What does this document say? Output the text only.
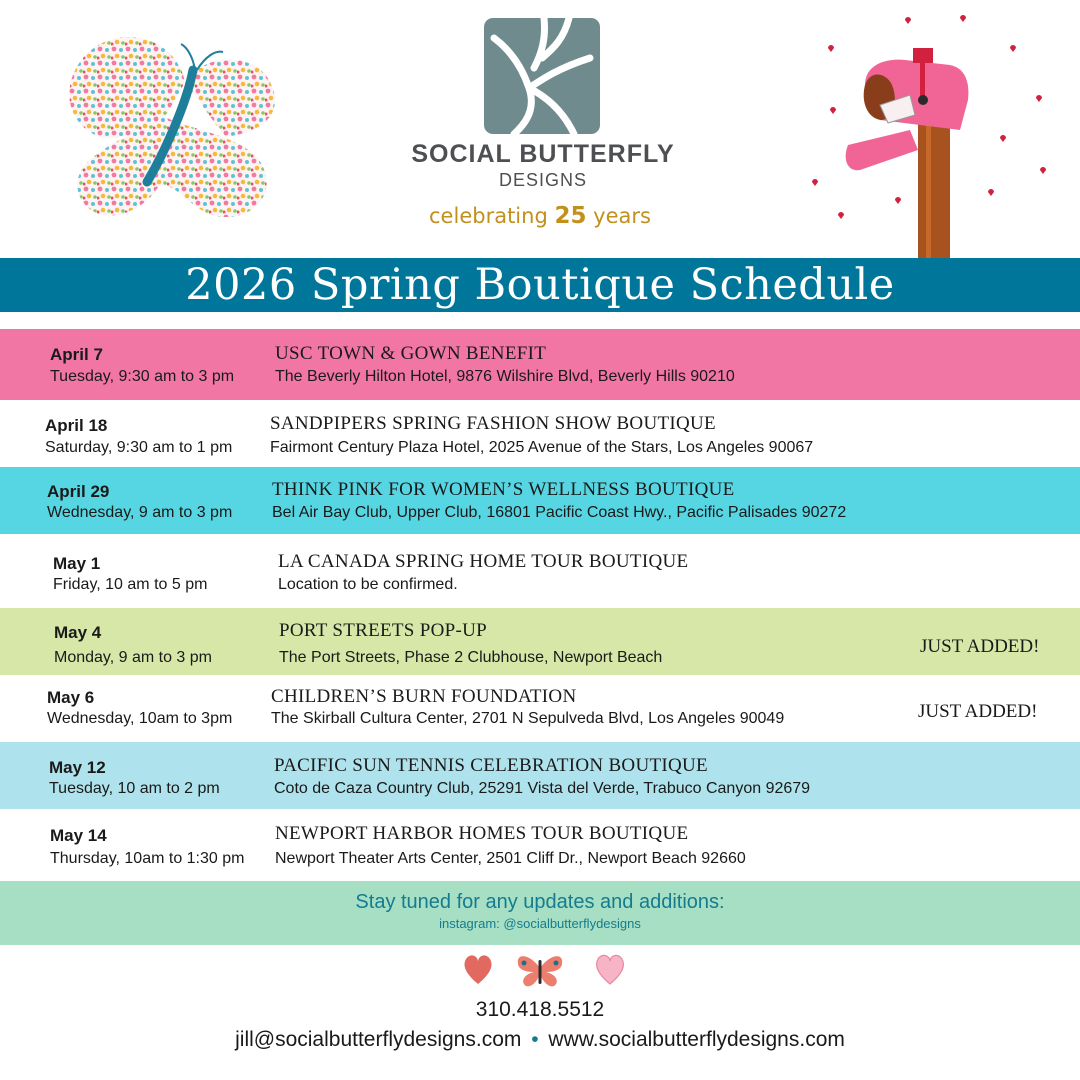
SOCIAL BUTTERFLY
DESIGNS
celebrating 25 years
2026 Spring Boutique Schedule
April 7
Tuesday, 9:30 am to 3 pm
USC TOWN & GOWN BENEFIT
The Beverly Hilton Hotel, 9876 Wilshire Blvd, Beverly Hills 90210
April 18
Saturday, 9:30 am to 1 pm
SANDPIPERS SPRING FASHION SHOW BOUTIQUE
Fairmont Century Plaza Hotel, 2025 Avenue of the Stars, Los Angeles 90067
April 29
Wednesday, 9 am to 3 pm
THINK PINK FOR WOMEN’S WELLNESS BOUTIQUE
Bel Air Bay Club, Upper Club, 16801 Pacific Coast Hwy., Pacific Palisades 90272
May 1
Friday, 10 am to 5 pm
LA CANADA SPRING HOME TOUR BOUTIQUE
Location to be confirmed.
May 4
Monday, 9 am to 3 pm
PORT STREETS POP-UP
The Port Streets, Phase 2 Clubhouse, Newport Beach
JUST ADDED!
May 6
Wednesday, 10am to 3pm
CHILDREN’S BURN FOUNDATION
The Skirball Cultura Center, 2701 N Sepulveda Blvd, Los Angeles 90049	JUST ADDED!
May 12
Tuesday, 10 am to 2 pm
PACIFIC SUN TENNIS CELEBRATION BOUTIQUE
Coto de Caza Country Club, 25291 Vista del Verde, Trabuco Canyon 92679
May 14
Thursday, 10am to 1:30 pm
NEWPORT HARBOR HOMES TOUR BOUTIQUE
Newport Theater Arts Center, 2501 Cliff Dr., Newport Beach 92660
Stay tuned for any updates and additions:
instagram: @socialbutterflydesigns
310.418.5512
jill@socialbutterflydesigns.com • www.socialbutterflydesigns.com
